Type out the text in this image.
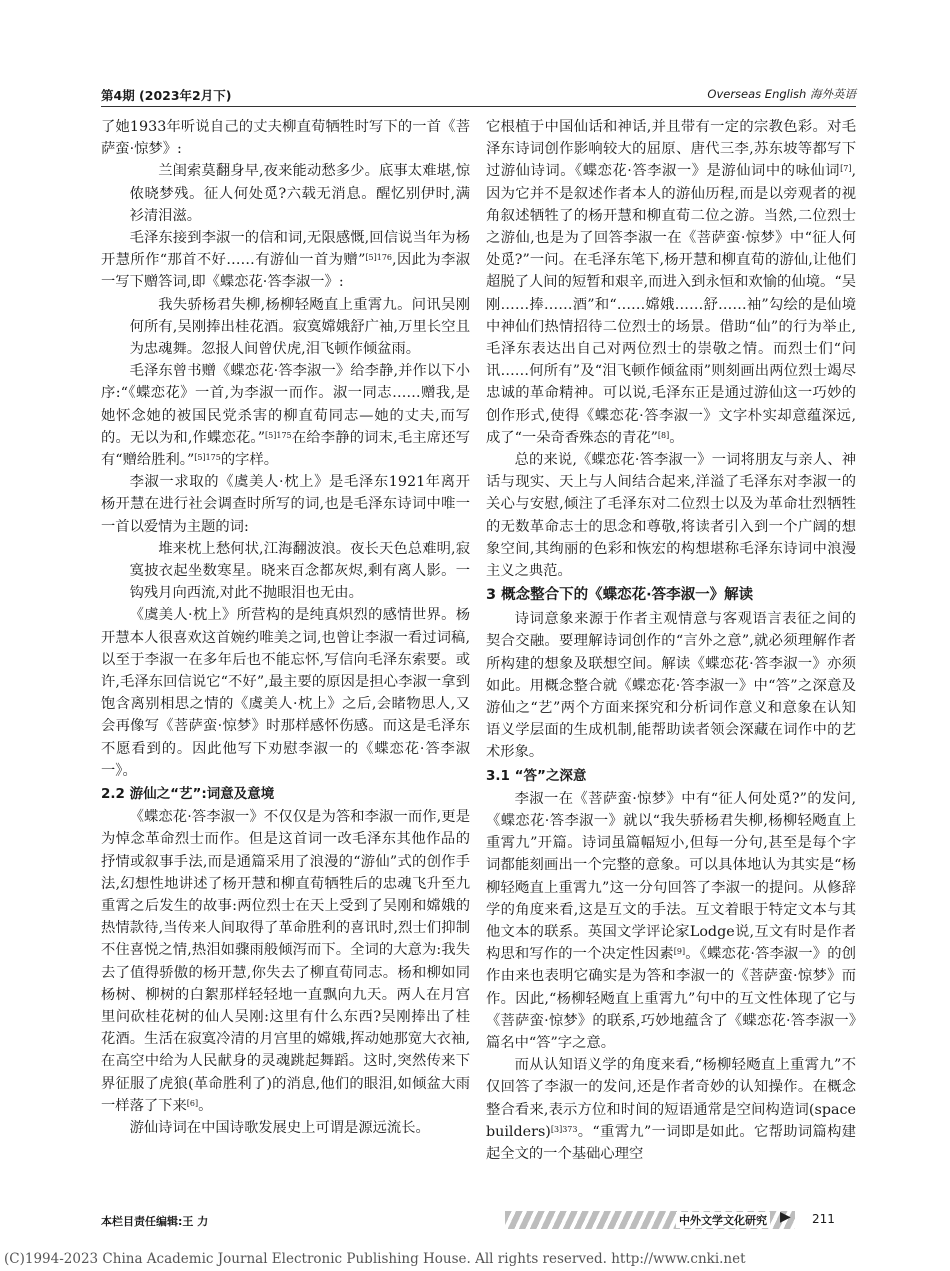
第4期 (2023年2月下)	Overseas English 海外英语

了她1933年听说自己的丈夫柳直荀牺牲时写下的一首《菩萨蛮·惊梦》:

兰闺索莫翻身早,夜来能动愁多少。底事太难堪,惊侬晓梦残。征人何处觅?六载无消息。醒忆别伊时,满衫清泪滋。

毛泽东接到李淑一的信和词,无限感慨,回信说当年为杨开慧所作“那首不好……有游仙一首为赠”$^{[5]176}$,因此为李淑一写下赠答词,即《蝶恋花·答李淑一》:

我失骄杨君失柳,杨柳轻飏直上重霄九。问讯吴刚何所有,吴刚捧出桂花酒。寂寞嫦娥舒广袖,万里长空且为忠魂舞。忽报人间曾伏虎,泪飞顿作倾盆雨。

毛泽东曾书赠《蝶恋花·答李淑一》给李静,并作以下小序:“《蝶恋花》一首,为李淑一而作。淑一同志……赠我,是她怀念她的被国民党杀害的柳直荀同志—她的丈夫,而写的。无以为和,作蝶恋花。”$^{[5]175}$在给李静的词末,毛主席还写有“赠给胜利。”$^{[5]175}$的字样。

李淑一求取的《虞美人·枕上》是毛泽东1921年离开杨开慧在进行社会调查时所写的词,也是毛泽东诗词中唯一一首以爱情为主题的词:

堆来枕上愁何状,江海翻波浪。夜长天色总难明,寂寞披衣起坐数寒星。晓来百念都灰烬,剩有离人影。一钩残月向西流,对此不抛眼泪也无由。

《虞美人·枕上》所营构的是纯真炽烈的感情世界。杨开慧本人很喜欢这首婉约唯美之词,也曾让李淑一看过词稿,以至于李淑一在多年后也不能忘怀,写信向毛泽东索要。或许,毛泽东回信说它“不好”,最主要的原因是担心李淑一拿到饱含离别相思之情的《虞美人·枕上》之后,会睹物思人,又会再像写《菩萨蛮·惊梦》时那样感怀伤感。而这是毛泽东不愿看到的。因此他写下劝慰李淑一的《蝶恋花·答李淑一》。

2.2 游仙之“艺”:词意及意境

《蝶恋花·答李淑一》不仅仅是为答和李淑一而作,更是为悼念革命烈士而作。但是这首词一改毛泽东其他作品的抒情或叙事手法,而是通篇采用了浪漫的“游仙”式的创作手法,幻想性地讲述了杨开慧和柳直荀牺牲后的忠魂飞升至九重霄之后发生的故事:两位烈士在天上受到了吴刚和嫦娥的热情款待,当传来人间取得了革命胜利的喜讯时,烈士们抑制不住喜悦之情,热泪如骤雨般倾泻而下。全词的大意为:我失去了值得骄傲的杨开慧,你失去了柳直荀同志。杨和柳如同杨树、柳树的白絮那样轻轻地一直飘向九天。两人在月宫里问砍桂花树的仙人吴刚:这里有什么东西?吴刚捧出了桂花酒。生活在寂寞冷清的月宫里的嫦娥,挥动她那宽大衣袖,在高空中给为人民献身的灵魂跳起舞蹈。这时,突然传来下界征服了虎狼(革命胜利了)的消息,他们的眼泪,如倾盆大雨一样落了下来[6]。

游仙诗词在中国诗歌发展史上可谓是源远流长。

它根植于中国仙话和神话,并且带有一定的宗教色彩。对毛泽东诗词创作影响较大的屈原、唐代三李,苏东坡等都写下过游仙诗词。《蝶恋花·答李淑一》是游仙词中的咏仙词[7],因为它并不是叙述作者本人的游仙历程,而是以旁观者的视角叙述牺牲了的杨开慧和柳直荀二位之游。当然,二位烈士之游仙,也是为了回答李淑一在《菩萨蛮·惊梦》中“征人何处觅?”一问。在毛泽东笔下,杨开慧和柳直荀的游仙,让他们超脱了人间的短暂和艰辛,而进入到永恒和欢愉的仙境。“吴刚……捧……酒”和“……嫦娥……舒……袖”勾绘的是仙境中神仙们热情招待二位烈士的场景。借助“仙”的行为举止,毛泽东表达出自己对两位烈士的崇敬之情。而烈士们“问讯……何所有”及“泪飞顿作倾盆雨”则刻画出两位烈士竭尽忠诚的革命精神。可以说,毛泽东正是通过游仙这一巧妙的创作形式,使得《蝶恋花·答李淑一》文字朴实却意蕴深远,成了“一朵奇香殊态的青花”[8]。

总的来说,《蝶恋花·答李淑一》一词将朋友与亲人、神话与现实、天上与人间结合起来,洋溢了毛泽东对李淑一的关心与安慰,倾注了毛泽东对二位烈士以及为革命壮烈牺牲的无数革命志士的思念和尊敬,将读者引入到一个广阔的想象空间,其绚丽的色彩和恢宏的构想堪称毛泽东诗词中浪漫主义之典范。

3 概念整合下的《蝶恋花·答李淑一》解读

诗词意象来源于作者主观情意与客观语言表征之间的契合交融。要理解诗词创作的“言外之意”,就必须理解作者所构建的想象及联想空间。解读《蝶恋花·答李淑一》亦须如此。用概念整合就《蝶恋花·答李淑一》中“答”之深意及游仙之“艺”两个方面来探究和分析词作意义和意象在认知语义学层面的生成机制,能帮助读者领会深藏在词作中的艺术形象。

3.1 “答”之深意

李淑一在《菩萨蛮·惊梦》中有“征人何处觅?”的发问,《蝶恋花·答李淑一》就以“我失骄杨君失柳,杨柳轻飏直上重霄九”开篇。诗词虽篇幅短小,但每一分句,甚至是每个字词都能刻画出一个完整的意象。可以具体地认为其实是“杨柳轻飏直上重霄九”这一分句回答了李淑一的提问。从修辞学的角度来看,这是互文的手法。互文着眼于特定文本与其他文本的联系。英国文学评论家Lodge说,互文有时是作者构思和写作的一个决定性因素[9]。《蝶恋花·答李淑一》的创作由来也表明它确实是为答和李淑一的《菩萨蛮·惊梦》而作。因此,“杨柳轻飏直上重霄九”句中的互文性体现了它与《菩萨蛮·惊梦》的联系,巧妙地蕴含了《蝶恋花·答李淑一》篇名中“答”字之意。

而从认知语义学的角度来看,“杨柳轻飏直上重霄九”不仅回答了李淑一的发问,还是作者奇妙的认知操作。在概念整合看来,表示方位和时间的短语通常是空间构造词(space builders)$^{[3]373}$。“重霄九”一词即是如此。它帮助词篇构建起全文的一个基础心理空

本栏目责任编辑:王 力	中外文学文化研究 ▶ 211
(C)1994-2023 China Academic Journal Electronic Publishing House. All rights reserved. http://www.cnki.net
